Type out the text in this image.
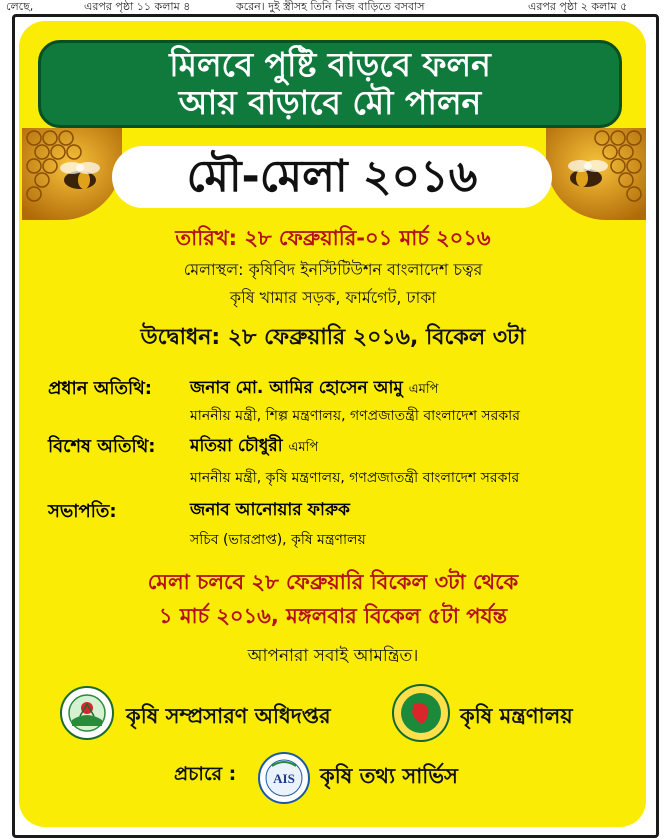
লেছে,	এরপর পৃষ্ঠা ১১ কলাম ৪	করেন। দুই স্ত্রীসহ তিনি নিজ বাড়িতে বসবাস	এরপর পৃষ্ঠা ২ কলাম ৫
মিলবে পুষ্টি বাড়বে ফলন
আয় বাড়াবে মৌ পালন
মৌ-মেলা ২০১৬
তারিখ: ২৮ ফেব্রুয়ারি-০১ মার্চ ২০১৬
মেলাস্থল: কৃষিবিদ ইনস্টিটিউশন বাংলাদেশ চত্বর
কৃষি খামার সড়ক, ফার্মগেট, ঢাকা
উদ্বোধন: ২৮ ফেব্রুয়ারি ২০১৬, বিকেল ৩টা
প্রধান অতিথি: জনাব মো. আমির হোসেন আমু এমপি
মাননীয় মন্ত্রী, শিল্প মন্ত্রণালয়, গণপ্রজাতন্ত্রী বাংলাদেশ সরকার
বিশেষ অতিথি: মতিয়া চৌধুরী এমপি
মাননীয় মন্ত্রী, কৃষি মন্ত্রণালয়, গণপ্রজাতন্ত্রী বাংলাদেশ সরকার
সভাপতি:	জনাব আনোয়ার ফারুক
সচিব (ভারপ্রাপ্ত), কৃষি মন্ত্রণালয়
মেলা চলবে ২৮ ফেব্রুয়ারি বিকেল ৩টা থেকে
১ মার্চ ২০১৬, মঙ্গলবার বিকেল ৫টা পর্যন্ত
আপনারা সবাই আমন্ত্রিত।
কৃষি সম্প্রসারণ অধিদপ্তর	কৃষি মন্ত্রণালয়
প্রচারে :	AIS কৃষি তথ্য সার্ভিস
